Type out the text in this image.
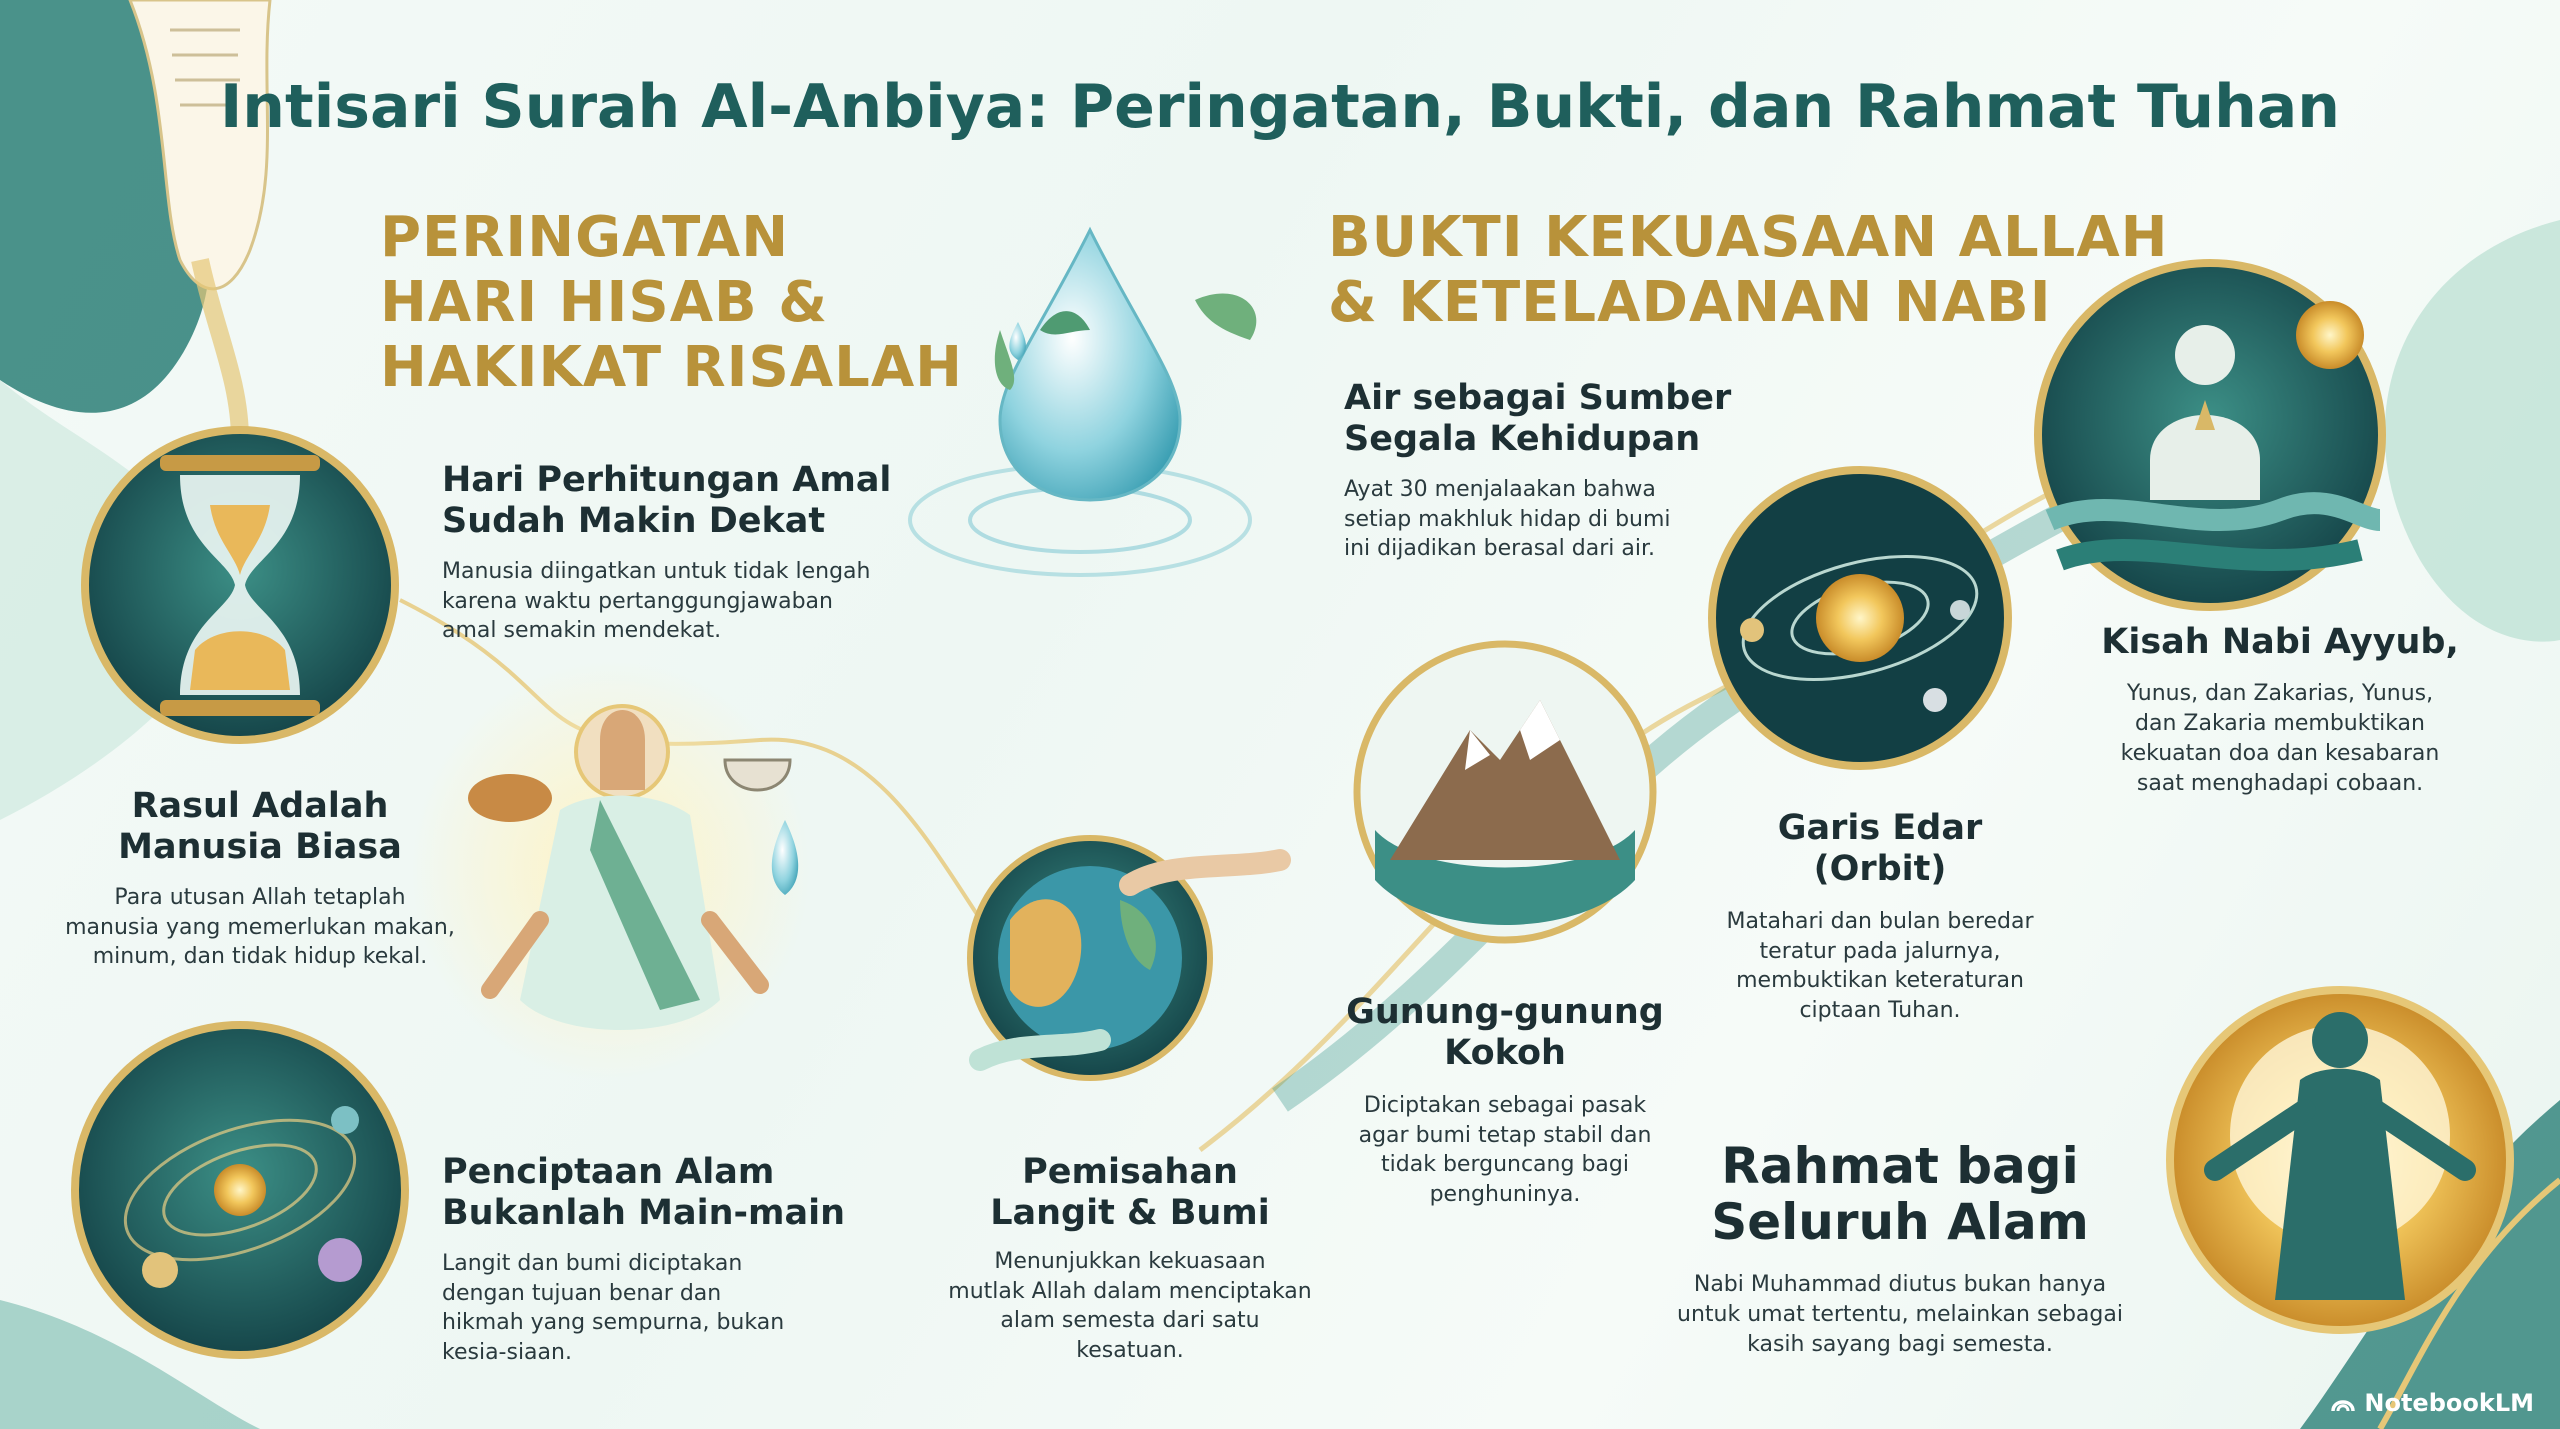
Intisari Surah Al-Anbiya: Peringatan, Bukti, dan Rahmat Tuhan
PERINGATAN
HARI HISAB &
HAKIKAT RISALAH
BUKTI KEKUASAAN ALLAH
& KETELADANAN NABI
Hari Perhitungan Amal
Sudah Makin Dekat
Manusia diingatkan untuk tidak lengah
karena waktu pertanggungjawaban
amal semakin mendekat.
Rasul Adalah
Manusia Biasa
Para utusan Allah tetaplah
manusia yang memerlukan makan,
minum, dan tidak hidup kekal.
Penciptaan Alam
Bukanlah Main-main
Langit dan bumi diciptakan
dengan tujuan benar dan
hikmah yang sempurna, bukan
kesia-siaan.
Air sebagai Sumber
Segala Kehidupan
Ayat 30 menjalaakan bahwa
setiap makhluk hidap di bumi
ini dijadikan berasal dari air.
Pemisahan
Langit & Bumi
Menunjukkan kekuasaan
mutlak Allah dalam menciptakan
alam semesta dari satu
kesatuan.
Gunung-gunung
Kokoh
Diciptakan sebagai pasak
agar bumi tetap stabil dan
tidak berguncang bagi
penghuninya.
Garis Edar
(Orbit)
Matahari dan bulan beredar
teratur pada jalurnya,
membuktikan keteraturan
ciptaan Tuhan.
Kisah Nabi Ayyub,
Yunus, dan Zakarias, Yunus,
dan Zakaria membuktikan
kekuatan doa dan kesabaran
saat menghadapi cobaan.
Rahmat bagi
Seluruh Alam
Nabi Muhammad diutus bukan hanya
untuk umat tertentu, melainkan sebagai
kasih sayang bagi semesta.
NotebookLM
